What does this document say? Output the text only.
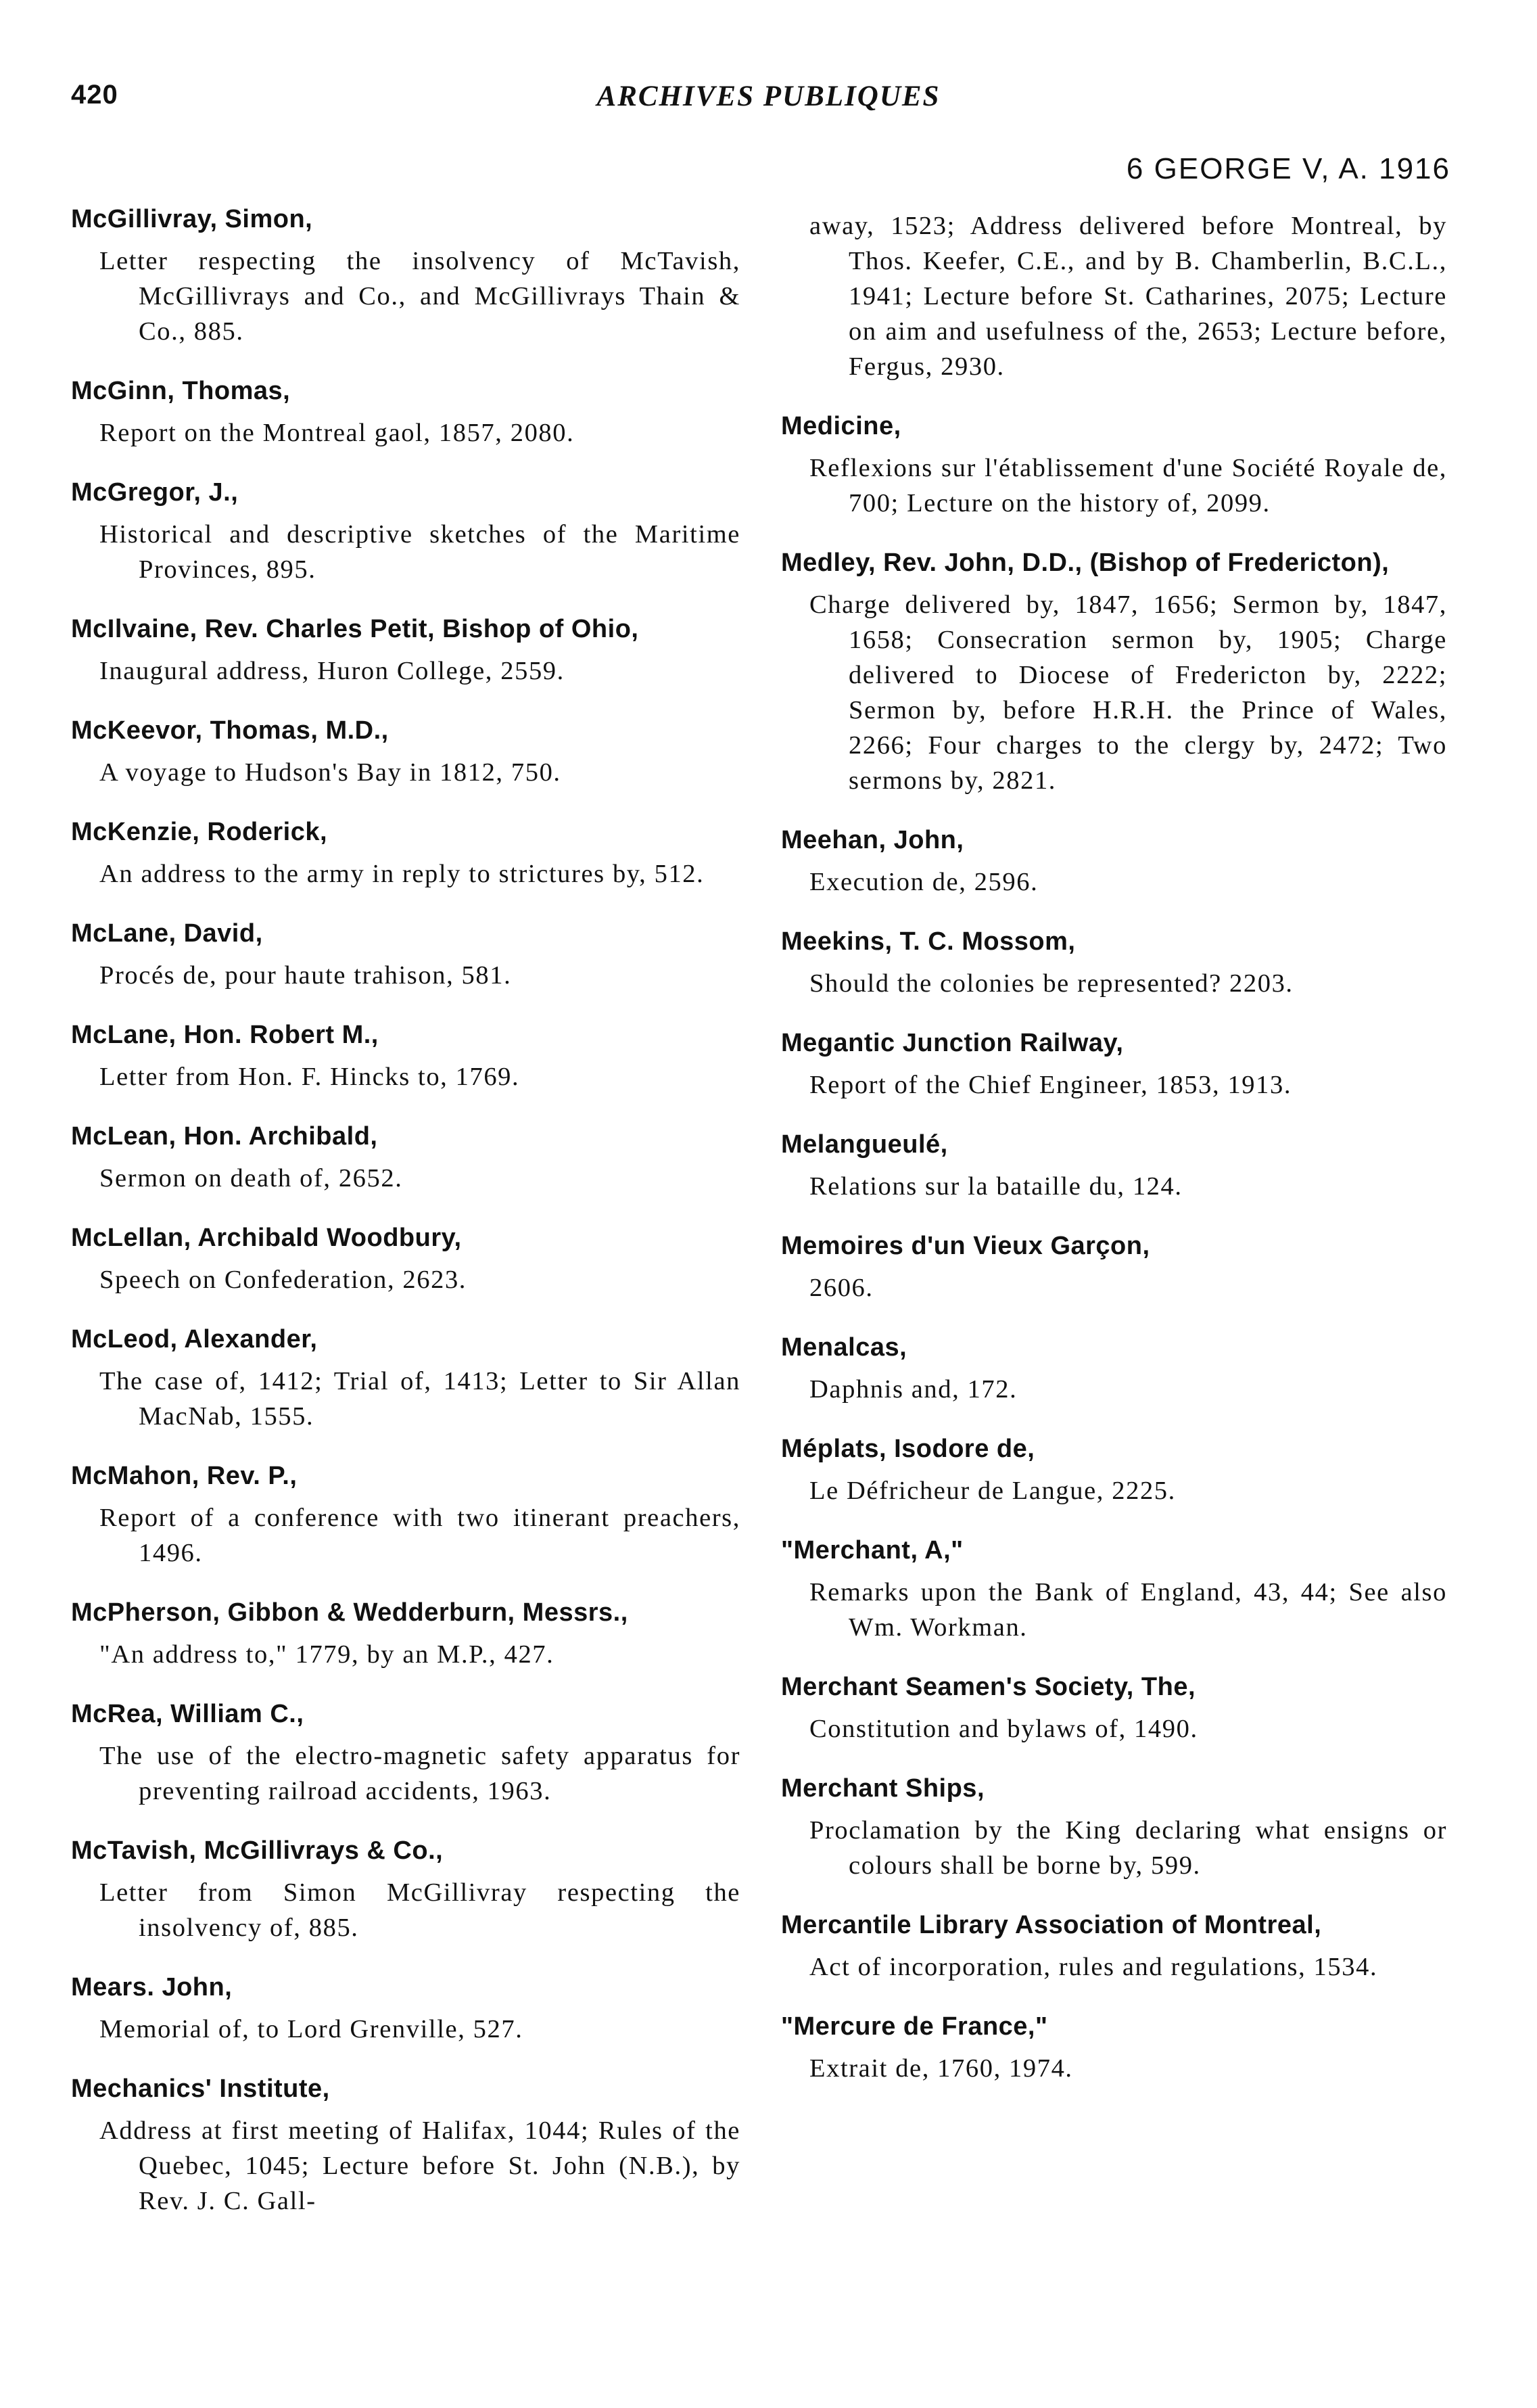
420	ARCHIVES PUBLIQUES
6 GEORGE V, A. 1916
McGillivray, Simon,
Letter respecting the insolvency of McTavish, McGillivrays and Co., and McGillivrays Thain & Co., 885.
McGinn, Thomas,
Report on the Montreal gaol, 1857, 2080.
McGregor, J.,
Historical and descriptive sketches of the Maritime Provinces, 895.
McIlvaine, Rev. Charles Petit, Bishop of Ohio,
Inaugural address, Huron College, 2559.
McKeevor, Thomas, M.D.,
A voyage to Hudson's Bay in 1812, 750.
McKenzie, Roderick,
An address to the army in reply to strictures by, 512.
McLane, David,
Procés de, pour haute trahison, 581.
McLane, Hon. Robert M.,
Letter from Hon. F. Hincks to, 1769.
McLean, Hon. Archibald,
Sermon on death of, 2652.
McLellan, Archibald Woodbury,
Speech on Confederation, 2623.
McLeod, Alexander,
The case of, 1412; Trial of, 1413; Letter to Sir Allan MacNab, 1555.
McMahon, Rev. P.,
Report of a conference with two itinerant preachers, 1496.
McPherson, Gibbon & Wedderburn, Messrs.,
"An address to," 1779, by an M.P., 427.
McRea, William C.,
The use of the electro-magnetic safety apparatus for preventing railroad accidents, 1963.
McTavish, McGillivrays & Co.,
Letter from Simon McGillivray respecting the insolvency of, 885.
Mears. John,
Memorial of, to Lord Grenville, 527.
Mechanics' Institute,
Address at first meeting of Halifax, 1044; Rules of the Quebec, 1045; Lecture before St. John (N.B.), by Rev. J. C. Gall-
away, 1523; Address delivered before Montreal, by Thos. Keefer, C.E., and by B. Chamberlin, B.C.L., 1941; Lecture before St. Catharines, 2075; Lecture on aim and usefulness of the, 2653; Lecture before, Fergus, 2930.
Medicine,
Reflexions sur l'établissement d'une Société Royale de, 700; Lecture on the history of, 2099.
Medley, Rev. John, D.D., (Bishop of Fredericton),
Charge delivered by, 1847, 1656; Sermon by, 1847, 1658; Consecration sermon by, 1905; Charge delivered to Diocese of Fredericton by, 2222; Sermon by, before H.R.H. the Prince of Wales, 2266; Four charges to the clergy by, 2472; Two sermons by, 2821.
Meehan, John,
Execution de, 2596.
Meekins, T. C. Mossom,
Should the colonies be represented? 2203.
Megantic Junction Railway,
Report of the Chief Engineer, 1853, 1913.
Melangueulé,
Relations sur la bataille du, 124.
Memoires d'un Vieux Garçon,
2606.
Menalcas,
Daphnis and, 172.
Méplats, Isodore de,
Le Défricheur de Langue, 2225.
"Merchant, A,"
Remarks upon the Bank of England, 43, 44; See also Wm. Workman.
Merchant Seamen's Society, The,
Constitution and bylaws of, 1490.
Merchant Ships,
Proclamation by the King declaring what ensigns or colours shall be borne by, 599.
Mercantile Library Association of Montreal,
Act of incorporation, rules and regulations, 1534.
"Mercure de France,"
Extrait de, 1760, 1974.
